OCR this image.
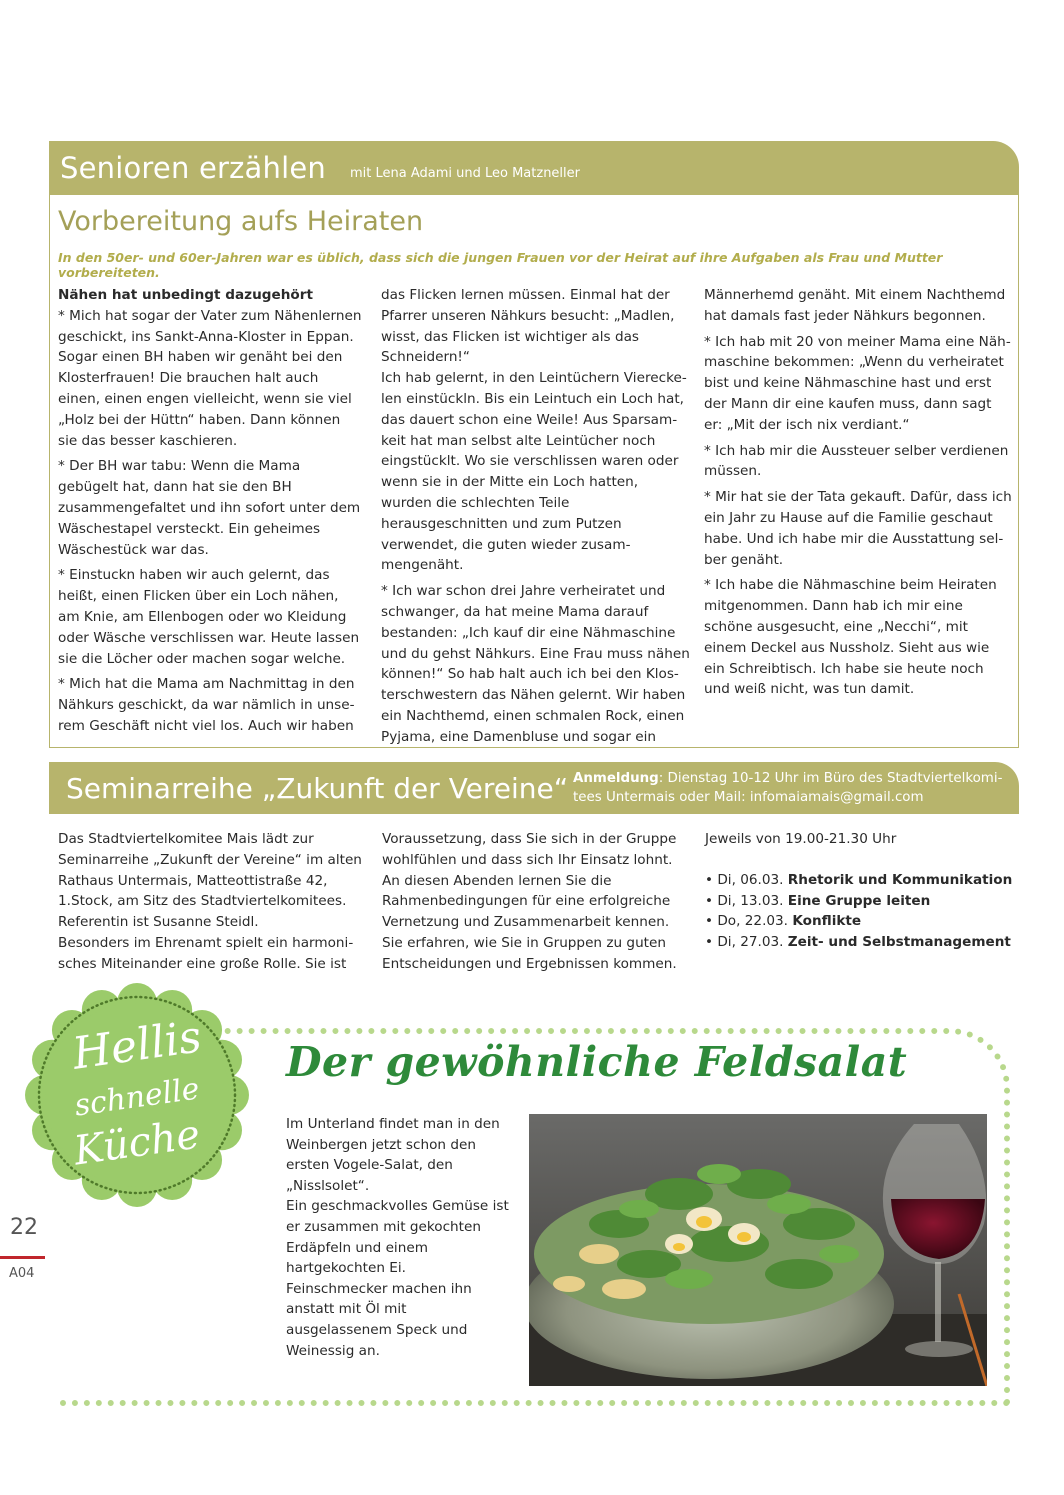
Senioren erzählen mit Lena Adami und Leo Matzneller
Vorbereitung aufs Heiraten
In den 50er- und 60er-Jahren war es üblich, dass sich die jungen Frauen vor der Heirat auf ihre Aufgaben als Frau und Mutter vorbereiteten.
Nähen hat unbedingt dazugehört

* Mich hat sogar der Vater zum Nähenlernen geschickt, ins Sankt-Anna-Kloster in Eppan. Sogar einen BH haben wir genäht bei den Klosterfrauen! Die brauchen halt auch einen, einen engen vielleicht, wenn sie viel „Holz bei der Hüttn“ haben. Dann können sie das besser kaschieren.

* Der BH war tabu: Wenn die Mama gebügelt hat, dann hat sie den BH zusammengefaltet und ihn sofort unter dem Wäschestapel versteckt. Ein geheimes Wäschestück war das.

* Einstuckn haben wir auch gelernt, das heißt, einen Flicken über ein Loch nähen, am Knie, am Ellenbogen oder wo Kleidung oder Wäsche verschlissen war. Heute lassen sie die Löcher oder machen sogar welche.

* Mich hat die Mama am Nachmittag in den Nähkurs geschickt, da war nämlich in unserem Geschäft nicht viel los. Auch wir haben

das Flicken lernen müssen. Einmal hat der Pfarrer unseren Nähkurs besucht: „Madlen, wisst, das Flicken ist wichtiger als das Schneidern!“

Ich hab gelernt, in den Leintüchern Viereckelen einstückln. Bis ein Leintuch ein Loch hat, das dauert schon eine Weile! Aus Sparsamkeit hat man selbst alte Leintücher noch eingstücklt. Wo sie verschlissen waren oder wenn sie in der Mitte ein Loch hatten, wurden die schlechten Teile herausgeschnitten und zum Putzen verwendet, die guten wieder zusammengenäht.

* Ich war schon drei Jahre verheiratet und schwanger, da hat meine Mama darauf bestanden: „Ich kauf dir eine Nähmaschine und du gehst Nähkurs. Eine Frau muss nähen können!“ So hab halt auch ich bei den Klosterschwestern das Nähen gelernt. Wir haben ein Nachthemd, einen schmalen Rock, einen Pyjama, eine Damenbluse und sogar ein

Männerhemd genäht. Mit einem Nachthemd hat damals fast jeder Nähkurs begonnen.

* Ich hab mit 20 von meiner Mama eine Nähmaschine bekommen: „Wenn du verheiratet bist und keine Nähmaschine hast und erst der Mann dir eine kaufen muss, dann sagt er: „Mit der isch nix verdiant.“

* Ich hab mir die Aussteuer selber verdienen müssen.

* Mir hat sie der Tata gekauft. Dafür, dass ich ein Jahr zu Hause auf die Familie geschaut habe. Und ich habe mir die Ausstattung selber genäht.

* Ich habe die Nähmaschine beim Heiraten mitgenommen. Dann hab ich mir eine schöne ausgesucht, eine „Necchi“, mit einem Deckel aus Nussholz. Sieht aus wie ein Schreibtisch. Ich habe sie heute noch und weiß nicht, was tun damit.

Seminarreihe „Zukunft der Vereine“ Anmeldung: Dienstag 10-12 Uhr im Büro des Stadtviertelkomitees Untermais oder Mail: infomaiamais@gmail.com
Das Stadtviertelkomitee Mais lädt zur Seminarreihe „Zukunft der Vereine“ im alten Rathaus Untermais, Matteottistraße 42, 1.Stock, am Sitz des Stadtviertelkomitees.
Referentin ist Susanne Steidl.
Besonders im Ehrenamt spielt ein harmonisches Miteinander eine große Rolle. Sie ist
Voraussetzung, dass Sie sich in der Gruppe wohlfühlen und dass sich Ihr Einsatz lohnt. An diesen Abenden lernen Sie die Rahmenbedingungen für eine erfolgreiche Vernetzung und Zusammenarbeit kennen. Sie erfahren, wie Sie in Gruppen zu guten Entscheidungen und Ergebnissen kommen.
Jeweils von 19.00-21.30 Uhr
• Di, 06.03. Rhetorik und Kommunikation
• Di, 13.03. Eine Gruppe leiten
• Do, 22.03. Konflikte
• Di, 27.03. Zeit- und Selbstmanagement
Hellis
schnelle
Küche
Der gewöhnliche Feldsalat
Im Unterland findet man in den Weinbergen jetzt schon den ersten Vogele-Salat, den „Nisslsolet“.
Ein geschmackvolles Gemüse ist er zusammen mit gekochten Erdäpfeln und einem hartgekochten Ei. Feinschmecker machen ihn anstatt mit Öl mit ausgelassenem Speck und Weinessig an.
22
A04
